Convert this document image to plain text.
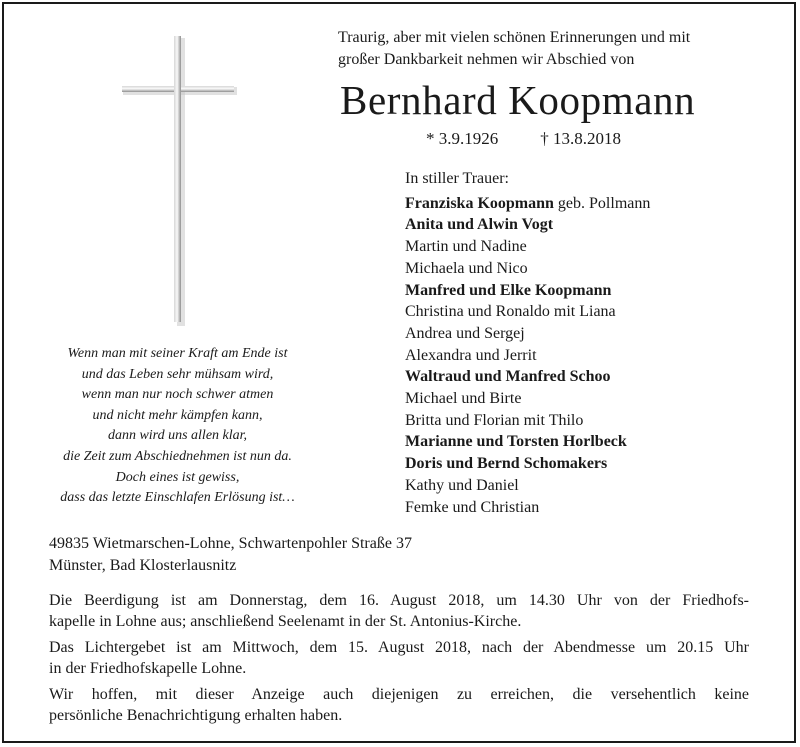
Traurig, aber mit vielen schönen Erinnerungen und mit
großer Dankbarkeit nehmen wir Abschied von
Bernhard Koopmann
* 3.9.1926 † 13.8.2018
Wenn man mit seiner Kraft am Ende ist
und das Leben sehr mühsam wird,
wenn man nur noch schwer atmen
und nicht mehr kämpfen kann,
dann wird uns allen klar,
die Zeit zum Abschiednehmen ist nun da.
Doch eines ist gewiss,
dass das letzte Einschlafen Erlösung ist…
In stiller Trauer:
Franziska Koopmann geb. Pollmann
Anita und Alwin Vogt
Martin und Nadine
Michaela und Nico
Manfred und Elke Koopmann
Christina und Ronaldo mit Liana
Andrea und Sergej
Alexandra und Jerrit
Waltraud und Manfred Schoo
Michael und Birte
Britta und Florian mit Thilo
Marianne und Torsten Horlbeck
Doris und Bernd Schomakers
Kathy und Daniel
Femke und Christian
49835 Wietmarschen-Lohne, Schwartenpohler Straße 37
Münster, Bad Klosterlausnitz

Die Beerdigung ist am Donnerstag, dem 16. August 2018, um 14.30 Uhr von der Friedhofs-
kapelle in Lohne aus; anschließend Seelenamt in der St. Antonius-Kirche.

Das Lichtergebet ist am Mittwoch, dem 15. August 2018, nach der Abendmesse um 20.15 Uhr
in der Friedhofskapelle Lohne.

Wir hoffen, mit dieser Anzeige auch diejenigen zu erreichen, die versehentlich keine
persönliche Benachrichtigung erhalten haben.
